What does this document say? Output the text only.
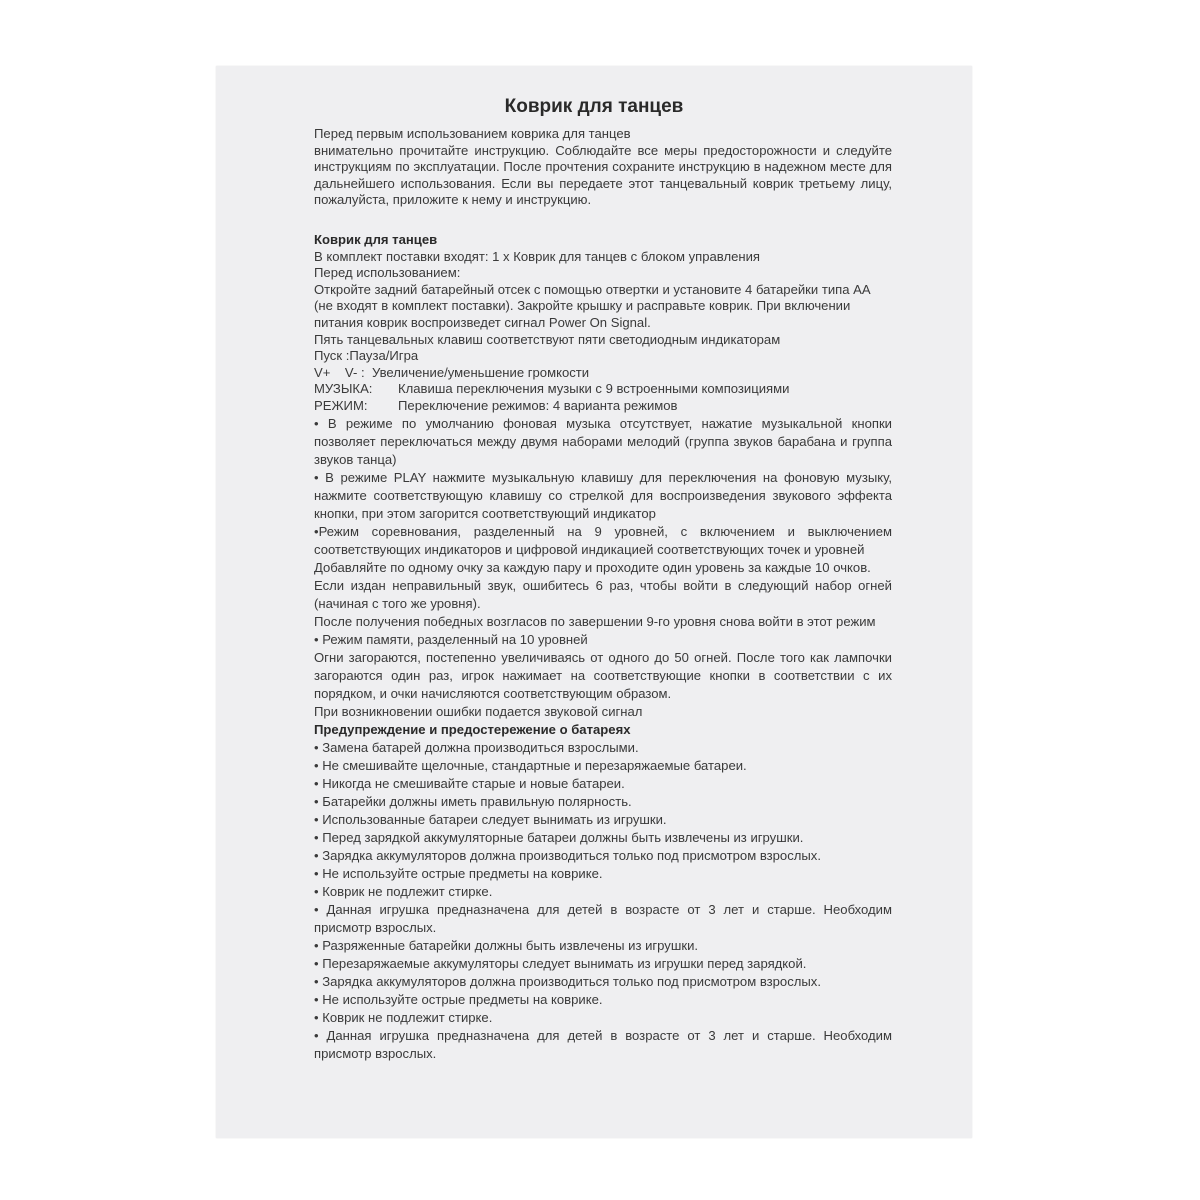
Коврик для танцев

Перед первым использованием коврика для танцев
внимательно прочитайте инструкцию. Соблюдайте все меры предосторожности и следуйте инструкциям по эксплуатации. После прочтения сохраните инструкцию в надежном месте для дальнейшего использования. Если вы передаете этот танцевальный коврик третьему лицу, пожалуйста, приложите к нему и инструкцию.

Коврик для танцев

В комплект поставки входят: 1 х Коврик для танцев с блоком управления

Перед использованием:

Откройте задний батарейный отсек с помощью отвертки и установите 4 батарейки типа АА (не входят в комплект поставки). Закройте крышку и расправьте коврик. При включении питания коврик воспроизведет сигнал Power On Signal.

Пять танцевальных клавиш соответствуют пяти светодиодным индикаторам

Пуск :Пауза/Игра

V+    V- : Увеличение/уменьшение громкости

МУЗЫКА: Клавиша переключения музыки с 9 встроенными композициями

РЕЖИМ: Переключение режимов: 4 варианта режимов

• В режиме по умолчанию фоновая музыка отсутствует, нажатие музыкальной кнопки позволяет переключаться между двумя наборами мелодий (группа звуков барабана и группа звуков танца)

• В режиме PLAY нажмите музыкальную клавишу для переключения на фоновую музыку, нажмите соответствующую клавишу со стрелкой для воспроизведения звукового эффекта кнопки, при этом загорится соответствующий индикатор

•Режим соревнования, разделенный на 9 уровней, с включением и выключением соответствующих индикаторов и цифровой индикацией соответствующих точек и уровней

Добавляйте по одному очку за каждую пару и проходите один уровень за каждые 10 очков.

Если издан неправильный звук, ошибитесь 6 раз, чтобы войти в следующий набор огней (начиная с того же уровня).

После получения победных возгласов по завершении 9-го уровня снова войти в этот режим

• Режим памяти, разделенный на 10 уровней

Огни загораются, постепенно увеличиваясь от одного до 50 огней. После того как лампочки загораются один раз, игрок нажимает на соответствующие кнопки в соответствии с их порядком, и очки начисляются соответствующим образом.

При возникновении ошибки подается звуковой сигнал

Предупреждение и предостережение о батареях

• Замена батарей должна производиться взрослыми.

• Не смешивайте щелочные, стандартные и перезаряжаемые батареи.

• Никогда не смешивайте старые и новые батареи.

• Батарейки должны иметь правильную полярность.

• Использованные батареи следует вынимать из игрушки.

• Перед зарядкой аккумуляторные батареи должны быть извлечены из игрушки.

• Зарядка аккумуляторов должна производиться только под присмотром взрослых.

• Не используйте острые предметы на коврике.

• Коврик не подлежит стирке.

• Данная игрушка предназначена для детей в возрасте от 3 лет и старше. Необходим присмотр взрослых.

• Разряженные батарейки должны быть извлечены из игрушки.

• Перезаряжаемые аккумуляторы следует вынимать из игрушки перед зарядкой.

• Зарядка аккумуляторов должна производиться только под присмотром взрослых.

• Не используйте острые предметы на коврике.

• Коврик не подлежит стирке.

• Данная игрушка предназначена для детей в возрасте от 3 лет и старше. Необходим присмотр взрослых.
